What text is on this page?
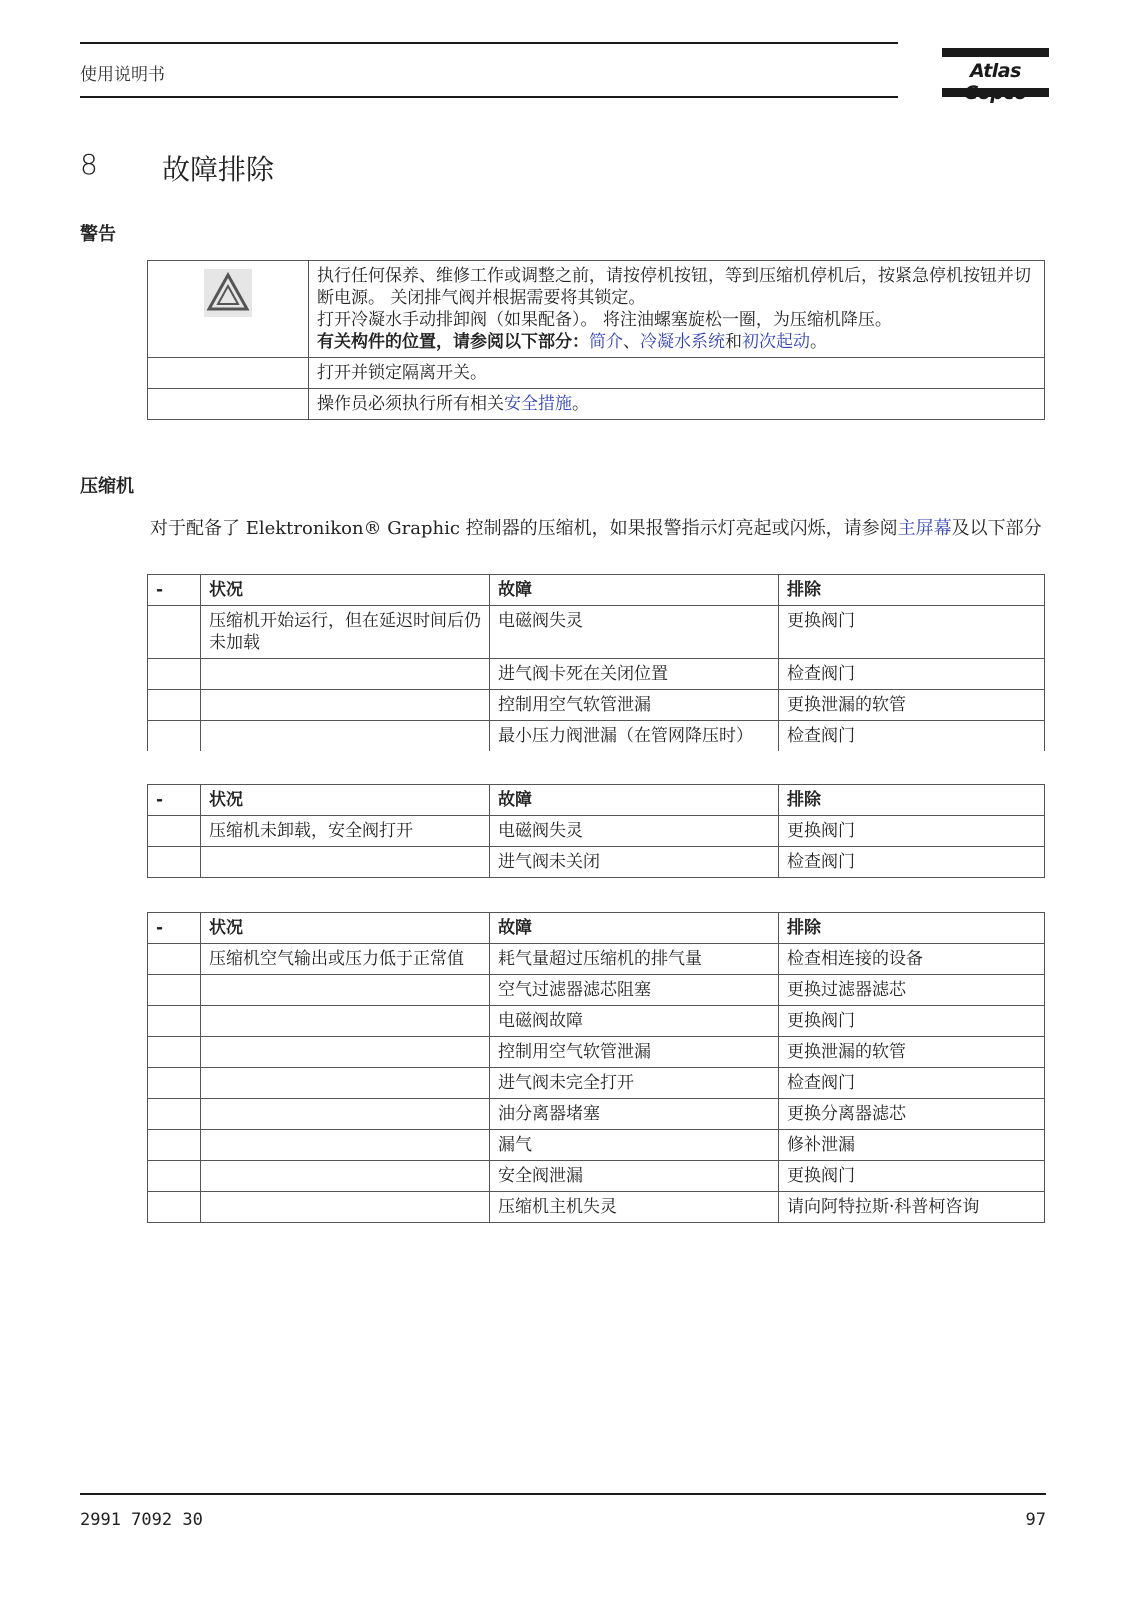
使用说明书	Atlas
8 故障排除
警告

执行任何保养、维修工作或调整之前，请按停机按钮，等到压缩机停机后，按紧急停机按钮并切断电源。 关闭排气阀并根据需要将其锁定。
打开冷凝水手动排卸阀（如果配备）。 将注油螺塞旋松一圈，为压缩机降压。
有关构件的位置，请参阅以下部分：简介、冷凝水系统和初次起动。

	打开并锁定隔离开关。
	操作员必须执行所有相关安全措施。
压缩机
对于配备了 Elektronikon® Graphic 控制器的压缩机，如果报警指示灯亮起或闪烁，请参阅主屏幕及以下部分
-	状况	故障	排除
	压缩机开始运行，但在延迟时间后仍未加载	电磁阀失灵	更换阀门
		进气阀卡死在关闭位置	检查阀门
		控制用空气软管泄漏	更换泄漏的软管
		最小压力阀泄漏（在管网降压时）	检查阀门
-	状况	故障	排除
	压缩机未卸载，安全阀打开	电磁阀失灵	更换阀门
		进气阀未关闭	检查阀门
-	状况	故障	排除
	压缩机空气输出或压力低于正常值	耗气量超过压缩机的排气量	检查相连接的设备
		空气过滤器滤芯阻塞	更换过滤器滤芯
		电磁阀故障	更换阀门
		控制用空气软管泄漏	更换泄漏的软管
		进气阀未完全打开	检查阀门
		油分离器堵塞	更换分离器滤芯
		漏气	修补泄漏
		安全阀泄漏	更换阀门
		压缩机主机失灵	请向阿特拉斯·科普柯咨询
2991 7092 30	97
